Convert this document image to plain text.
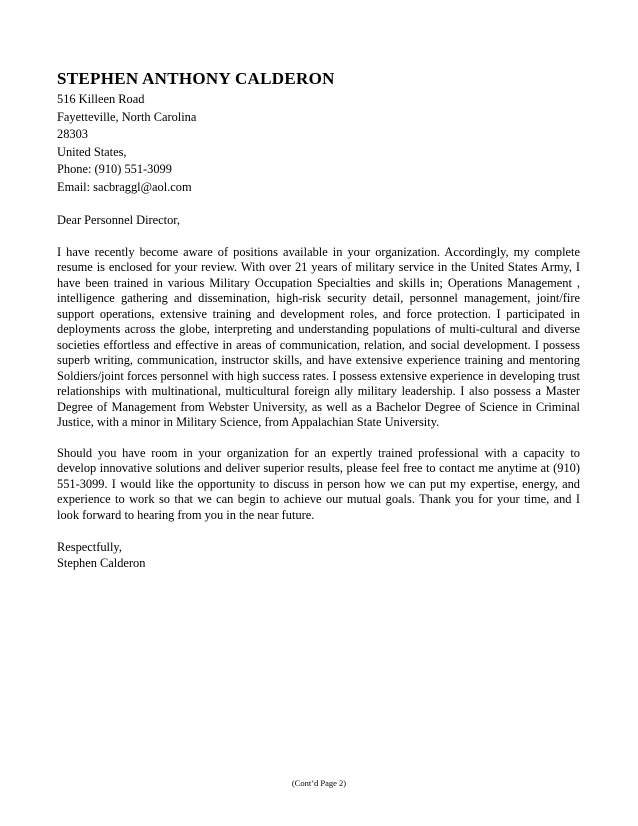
STEPHEN ANTHONY CALDERON
516 Killeen Road
Fayetteville, North Carolina
28303
United States,
Phone: (910) 551-3099
Email: sacbraggl@aol.com
Dear Personnel Director,
I have recently become aware of positions available in your organization. Accordingly, my complete resume is enclosed for your review. With over 21 years of military service in the United States Army, I have been trained in various Military Occupation Specialties and skills in; Operations Management , intelligence gathering and dissemination, high-risk security detail, personnel management, joint/fire support operations, extensive training and development roles, and force protection. I participated in deployments across the globe, interpreting and understanding populations of multi-cultural and diverse societies effortless and effective in areas of communication, relation, and social development. I possess superb writing, communication, instructor skills, and have extensive experience training and mentoring Soldiers/joint forces personnel with high success rates. I possess extensive experience in developing trust relationships with multinational, multicultural foreign ally military leadership. I also possess a Master Degree of Management from Webster University, as well as a Bachelor Degree of Science in Criminal Justice, with a minor in Military Science, from Appalachian State University.
Should you have room in your organization for an expertly trained professional with a capacity to develop innovative solutions and deliver superior results, please feel free to contact me anytime at (910) 551-3099. I would like the opportunity to discuss in person how we can put my expertise, energy, and experience to work so that we can begin to achieve our mutual goals. Thank you for your time, and I look forward to hearing from you in the near future.
Respectfully,
Stephen Calderon
(Cont’d Page 2)
